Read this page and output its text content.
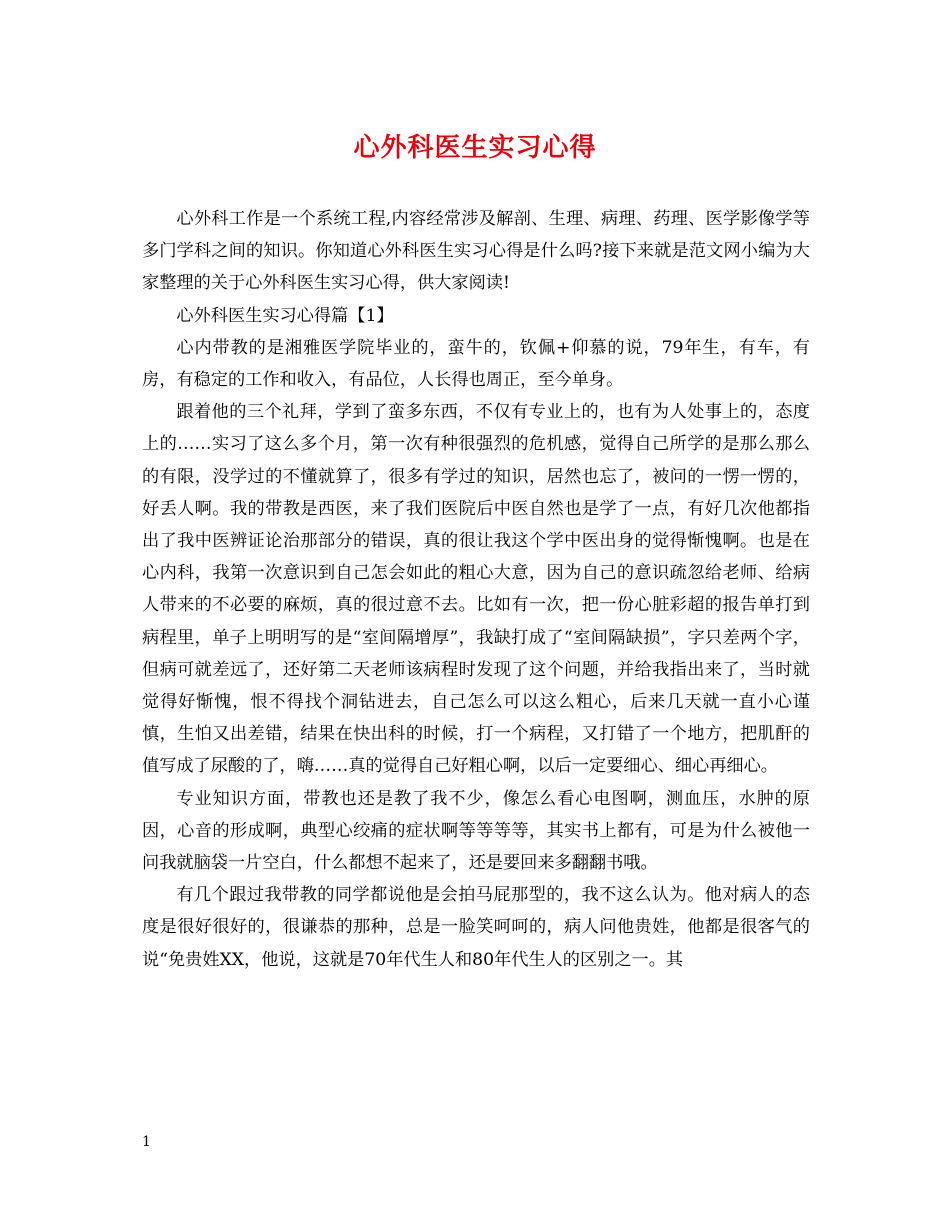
心外科医生实习心得

心外科工作是一个系统工程,内容经常涉及解剖、生理、病理、药理、医学影像学等多门学科之间的知识。你知道心外科医生实习心得是什么吗?接下来就是范文网小编为大家整理的关于心外科医生实习心得，供大家阅读!

心外科医生实习心得篇【1】

心内带教的是湘雅医学院毕业的，蛮牛的，钦佩+仰慕的说，79年生，有车，有房，有稳定的工作和收入，有品位，人长得也周正，至今单身。

跟着他的三个礼拜，学到了蛮多东西，不仅有专业上的，也有为人处事上的，态度上的……实习了这么多个月，第一次有种很强烈的危机感，觉得自己所学的是那么那么的有限，没学过的不懂就算了，很多有学过的知识，居然也忘了，被问的一愣一愣的，好丢人啊。我的带教是西医，来了我们医院后中医自然也是学了一点，有好几次他都指出了我中医辨证论治那部分的错误，真的很让我这个学中医出身的觉得惭愧啊。也是在心内科，我第一次意识到自己怎会如此的粗心大意，因为自己的意识疏忽给老师、给病人带来的不必要的麻烦，真的很过意不去。比如有一次，把一份心脏彩超的报告单打到病程里，单子上明明写的是“室间隔增厚”，我缺打成了“室间隔缺损”，字只差两个字，但病可就差远了，还好第二天老师该病程时发现了这个问题，并给我指出来了，当时就觉得好惭愧，恨不得找个洞钻进去，自己怎么可以这么粗心，后来几天就一直小心谨慎，生怕又出差错，结果在快出科的时候，打一个病程，又打错了一个地方，把肌酐的值写成了尿酸的了，嗨……真的觉得自己好粗心啊，以后一定要细心、细心再细心。

专业知识方面，带教也还是教了我不少，像怎么看心电图啊，测血压，水肿的原因，心音的形成啊，典型心绞痛的症状啊等等等等，其实书上都有，可是为什么被他一问我就脑袋一片空白，什么都想不起来了，还是要回来多翻翻书哦。

有几个跟过我带教的同学都说他是会拍马屁那型的，我不这么认为。他对病人的态度是很好很好的，很谦恭的那种，总是一脸笑呵呵的，病人问他贵姓，他都是很客气的说“免贵姓XX，他说，这就是70年代生人和80年代生人的区别之一。其

1
